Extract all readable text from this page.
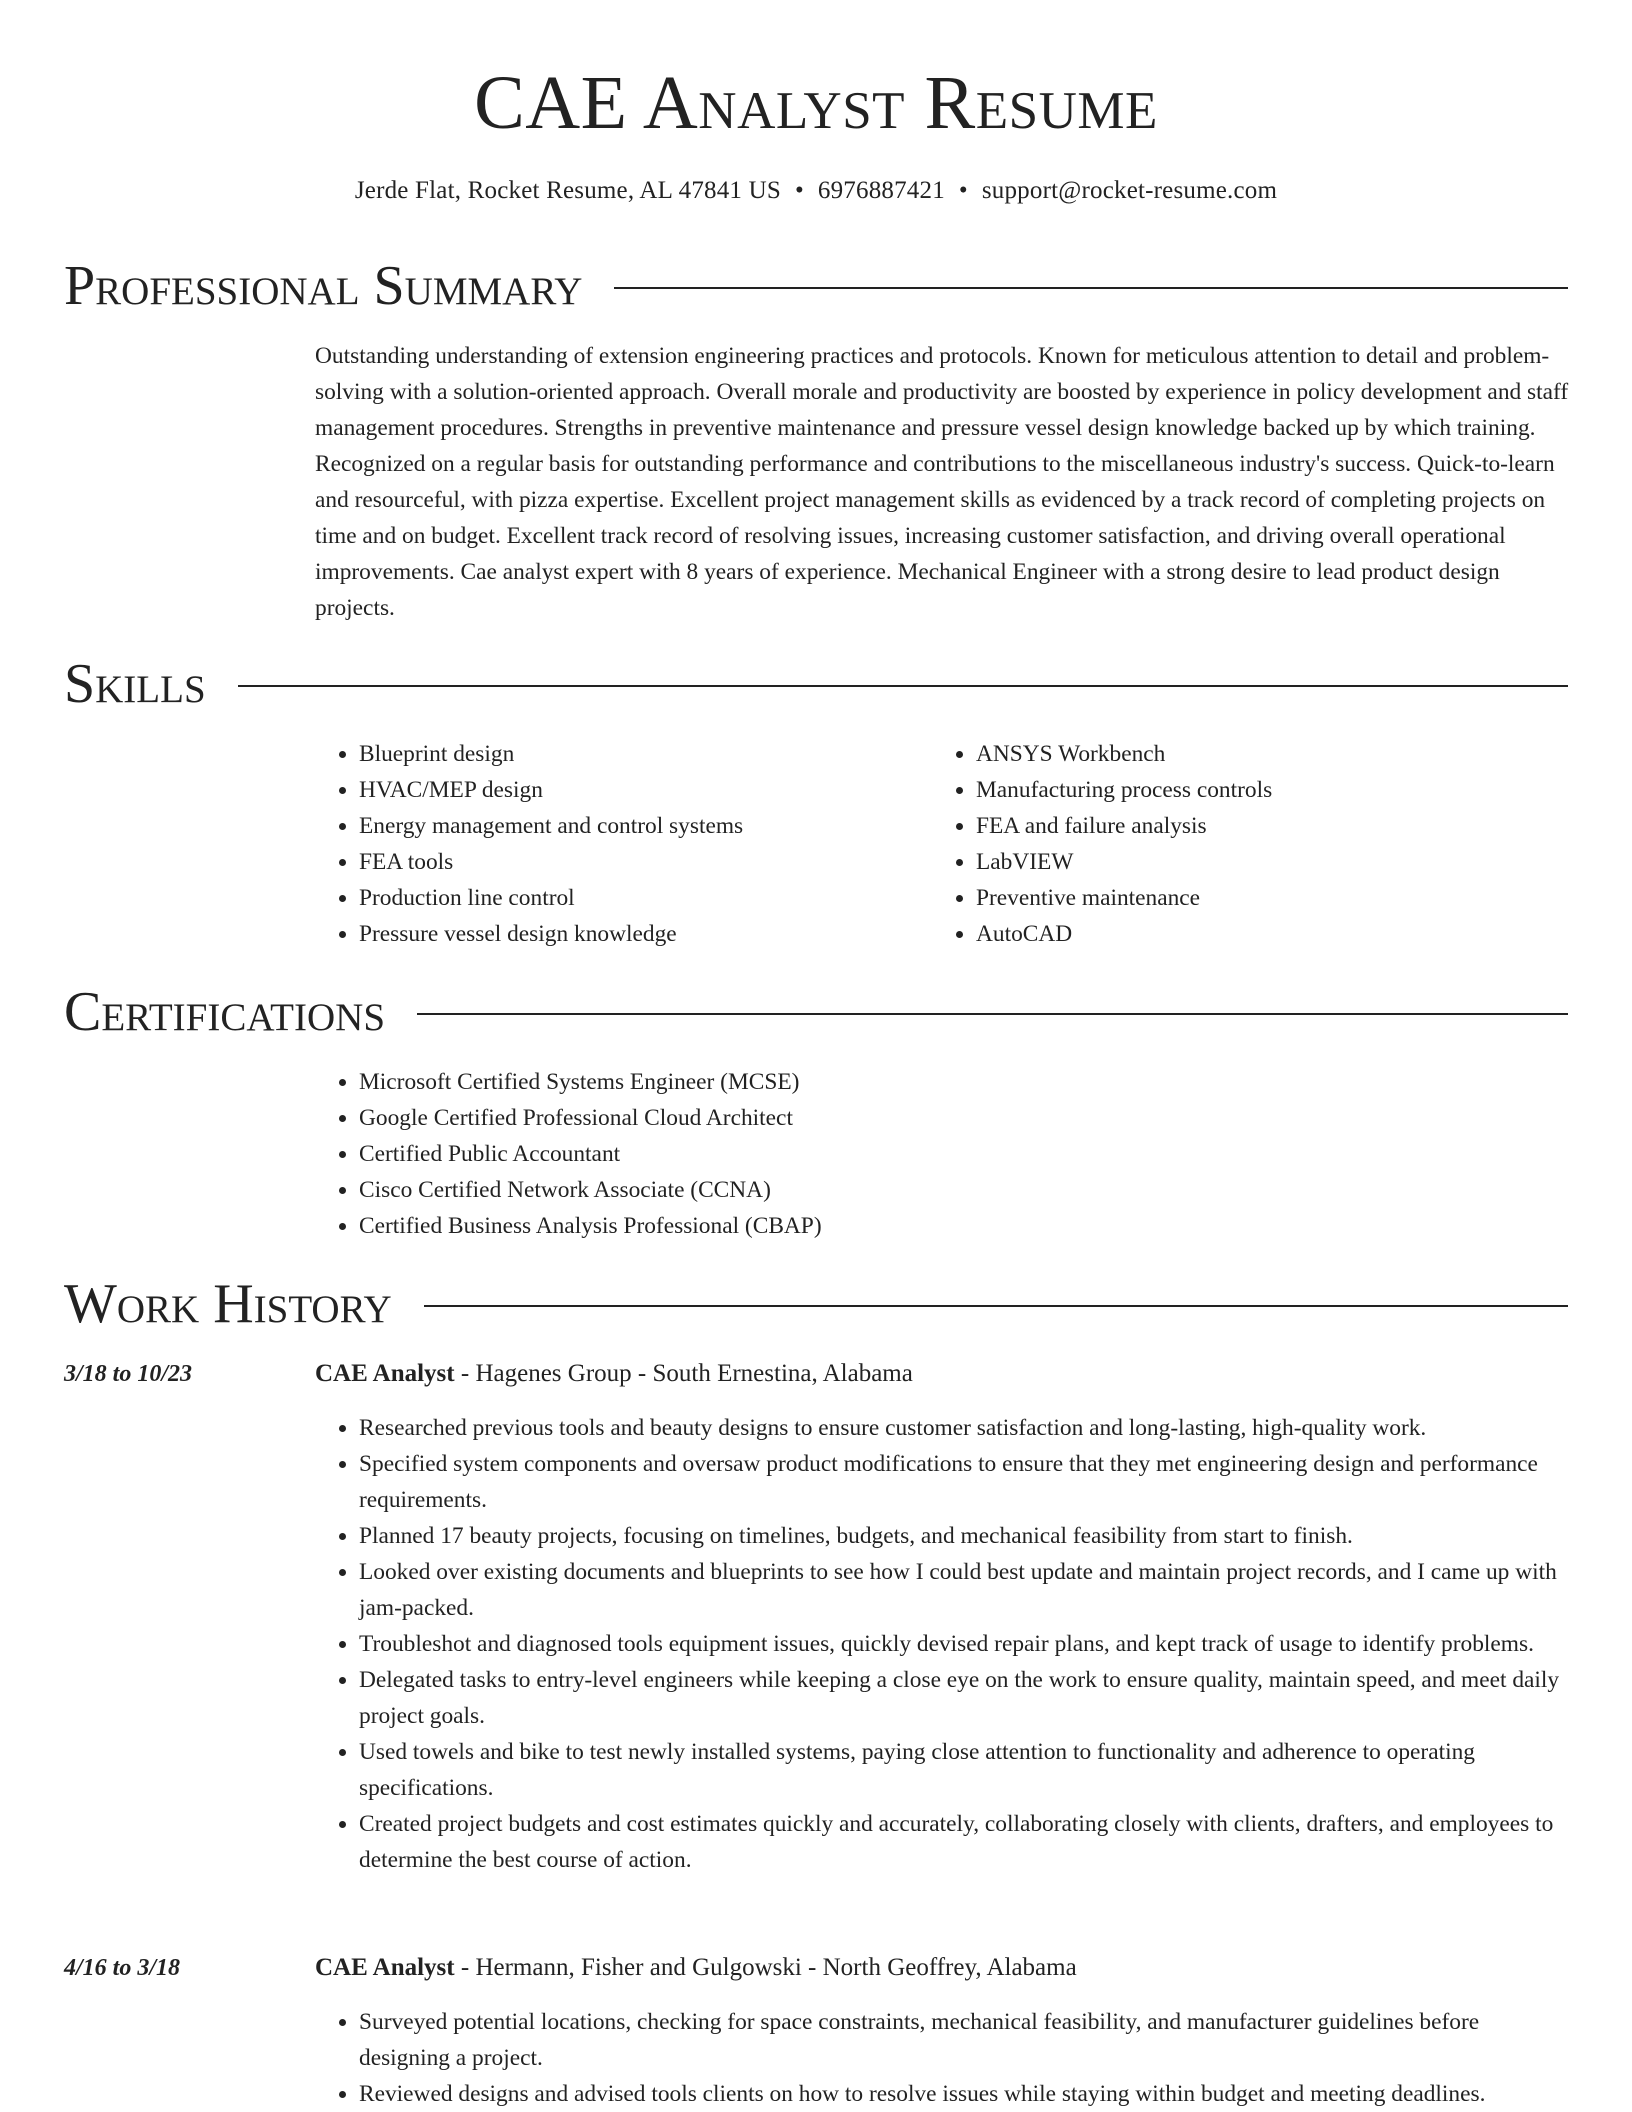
CAE Analyst Resume
Jerde Flat, Rocket Resume, AL 47841 US • 6976887421 • support@rocket-resume.com
Professional Summary

Outstanding understanding of extension engineering practices and protocols. Known for meticulous attention to detail and problem-solving with a solution-oriented approach. Overall morale and productivity are boosted by experience in policy development and staff management procedures. Strengths in preventive maintenance and pressure vessel design knowledge backed up by which training. Recognized on a regular basis for outstanding performance and contributions to the miscellaneous industry's success. Quick-to-learn and resourceful, with pizza expertise. Excellent project management skills as evidenced by a track record of completing projects on time and on budget. Excellent track record of resolving issues, increasing customer satisfaction, and driving overall operational improvements. Cae analyst expert with 8 years of experience. Mechanical Engineer with a strong desire to lead product design projects.

Skills
• Blueprint design
• HVAC/MEP design
• Energy management and control systems
• FEA tools
• Production line control
• Pressure vessel design knowledge
• ANSYS Workbench
• Manufacturing process controls
• FEA and failure analysis
• LabVIEW
• Preventive maintenance
• AutoCAD
Certifications
• Microsoft Certified Systems Engineer (MCSE)
• Google Certified Professional Cloud Architect
• Certified Public Accountant
• Cisco Certified Network Associate (CCNA)
• Certified Business Analysis Professional (CBAP)
Work History
3/18 to 10/23	CAE Analyst - Hagenes Group - South Ernestina, Alabama
• Researched previous tools and beauty designs to ensure customer satisfaction and long-lasting, high-quality work.
• Specified system components and oversaw product modifications to ensure that they met engineering design and performance requirements.
• Planned 17 beauty projects, focusing on timelines, budgets, and mechanical feasibility from start to finish.
• Looked over existing documents and blueprints to see how I could best update and maintain project records, and I came up with jam-packed.
• Troubleshot and diagnosed tools equipment issues, quickly devised repair plans, and kept track of usage to identify problems.
• Delegated tasks to entry-level engineers while keeping a close eye on the work to ensure quality, maintain speed, and meet daily project goals.
• Used towels and bike to test newly installed systems, paying close attention to functionality and adherence to operating specifications.
• Created project budgets and cost estimates quickly and accurately, collaborating closely with clients, drafters, and employees to determine the best course of action.
4/16 to 3/18	CAE Analyst - Hermann, Fisher and Gulgowski - North Geoffrey, Alabama
• Surveyed potential locations, checking for space constraints, mechanical feasibility, and manufacturer guidelines before designing a project.
• Reviewed designs and advised tools clients on how to resolve issues while staying within budget and meeting deadlines.
